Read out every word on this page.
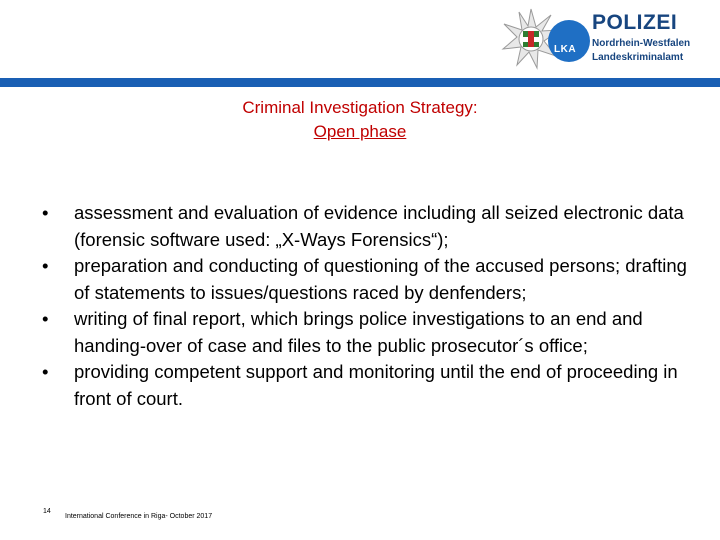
LKA
POLIZEI
Nordrhein-Westfalen
Landeskriminalamt
Criminal Investigation Strategy:
Open phase
• assessment and evaluation of evidence including all seized electronic data (forensic software used: „X-Ways Forensics“);
• preparation and conducting of questioning of the accused persons; drafting of statements to issues/questions raced by denfenders;
• writing of final report, which brings police investigations to an end and handing-over of case and files to the public prosecutor´s office;
• providing competent support and monitoring until the end of proceeding in front of court.
14
International Conference in Riga- October 2017
